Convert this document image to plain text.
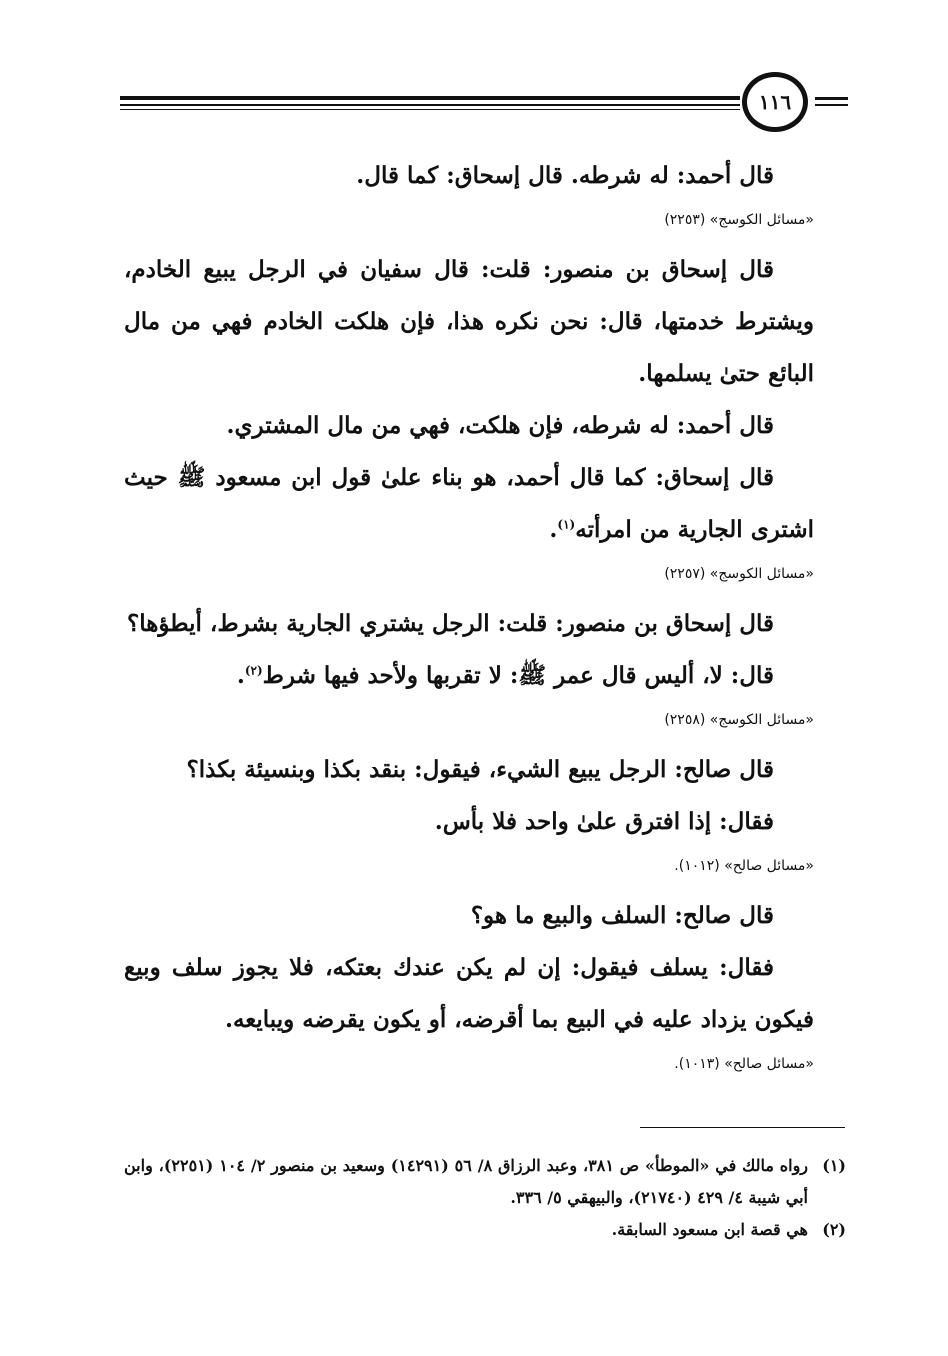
١١٦

قال أحمد: له شرطه. قال إسحاق: كما قال.

«مسائل الكوسج» (٢٢٥٣)

قال إسحاق بن منصور: قلت: قال سفيان في الرجل يبيع الخادم، ويشترط خدمتها، قال: نحن نكره هذا، فإن هلكت الخادم فهي من مال البائع حتىٰ يسلمها.

قال أحمد: له شرطه، فإن هلكت، فهي من مال المشتري.

قال إسحاق: كما قال أحمد، هو بناء علىٰ قول ابن مسعود ﷺ حيث اشترى الجارية من امرأته$^{(١)}$.

«مسائل الكوسج» (٢٢٥٧)

قال إسحاق بن منصور: قلت: الرجل يشتري الجارية بشرط، أيطؤها؟

قال: لا، أليس قال عمر ﷺ: لا تقربها ولأحد فيها شرط$^{(٢)}$.

«مسائل الكوسج» (٢٢٥٨)

قال صالح: الرجل يبيع الشيء، فيقول: بنقد بكذا وبنسيئة بكذا؟

فقال: إذا افترق علىٰ واحد فلا بأس.

«مسائل صالح» (١٠١٢).

قال صالح: السلف والبيع ما هو؟

فقال: يسلف فيقول: إن لم يكن عندك بعتكه، فلا يجوز سلف وبيع فيكون يزداد عليه في البيع بما أقرضه، أو يكون يقرضه ويبايعه.

«مسائل صالح» (١٠١٣).

(١)
رواه مالك في «الموطأ» ص ٣٨١، وعبد الرزاق ٨/ ٥٦ (١٤٢٩١) وسعيد بن منصور ٢/ ١٠٤ (٢٢٥١)، وابن أبي شيبة ٤/ ٤٢٩ (٢١٧٤٠)، والبيهقي ٥/ ٣٣٦.
(٢)
هي قصة ابن مسعود السابقة.
